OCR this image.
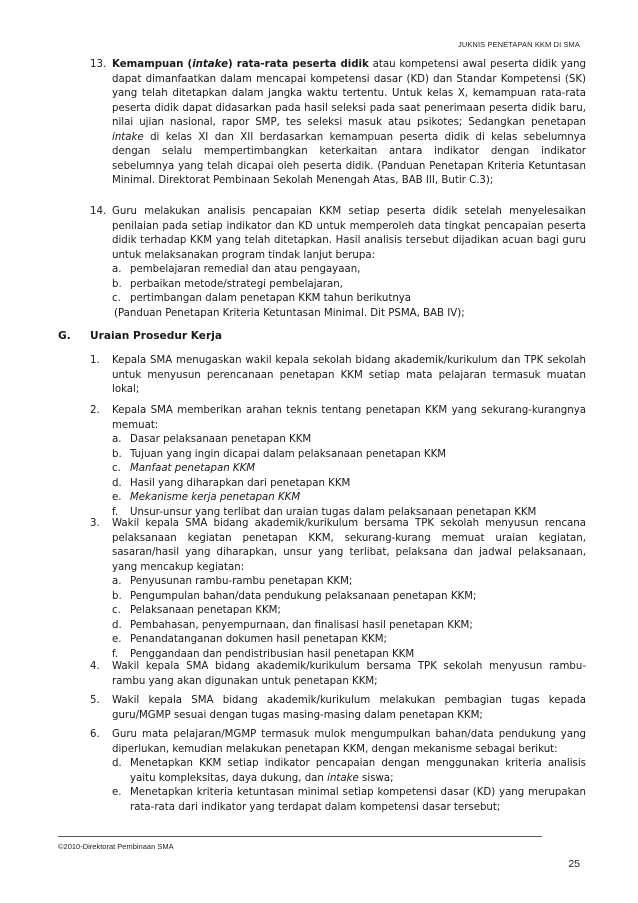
JUKNIS PENETAPAN KKM DI SMA
13. Kemampuan (intake) rata-rata peserta didik atau kompetensi awal peserta didik yang dapat dimanfaatkan dalam mencapai kompetensi dasar (KD) dan Standar Kompetensi (SK) yang telah ditetapkan dalam jangka waktu tertentu. Untuk kelas X, kemampuan rata-rata peserta didik dapat didasarkan pada hasil seleksi pada saat penerimaan peserta didik baru, nilai ujian nasional, rapor SMP, tes seleksi masuk atau psikotes; Sedangkan penetapan intake di kelas XI dan XII berdasarkan kemampuan peserta didik di kelas sebelumnya dengan selalu mempertimbangkan keterkaitan antara indikator dengan indikator sebelumnya yang telah dicapai oleh peserta didik. (Panduan Penetapan Kriteria Ketuntasan Minimal. Direktorat Pembinaan Sekolah Menengah Atas, BAB III, Butir C.3);
14. Guru melakukan analisis pencapaian KKM setiap peserta didik setelah menyelesaikan penilaian pada setiap indikator dan KD untuk memperoleh data tingkat pencapaian peserta didik terhadap KKM yang telah ditetapkan. Hasil analisis tersebut dijadikan acuan bagi guru untuk melaksanakan program tindak lanjut berupa:
a. pembelajaran remedial dan atau pengayaan,
b. perbaikan metode/strategi pembelajaran,
c. pertimbangan dalam penetapan KKM tahun berikutnya
(Panduan Penetapan Kriteria Ketuntasan Minimal. Dit PSMA, BAB IV);
G. Uraian Prosedur Kerja
1. Kepala SMA menugaskan wakil kepala sekolah bidang akademik/kurikulum dan TPK sekolah untuk menyusun perencanaan penetapan KKM setiap mata pelajaran termasuk muatan lokal;
2. Kepala SMA memberikan arahan teknis tentang penetapan KKM yang sekurang-kurangnya memuat:
a. Dasar pelaksanaan penetapan KKM
b. Tujuan yang ingin dicapai dalam pelaksanaan penetapan KKM
c. Manfaat penetapan KKM
d. Hasil yang diharapkan dari penetapan KKM
e. Mekanisme kerja penetapan KKM
f. Unsur-unsur yang terlibat dan uraian tugas dalam pelaksanaan penetapan KKM
3. Wakil kepala SMA bidang akademik/kurikulum bersama TPK sekolah menyusun rencana pelaksanaan kegiatan penetapan KKM, sekurang-kurang memuat uraian kegiatan, sasaran/hasil yang diharapkan, unsur yang terlibat, pelaksana dan jadwal pelaksanaan, yang mencakup kegiatan:
a. Penyusunan rambu-rambu penetapan KKM;
b. Pengumpulan bahan/data pendukung pelaksanaan penetapan KKM;
c. Pelaksanaan penetapan KKM;
d. Pembahasan, penyempurnaan, dan finalisasi hasil penetapan KKM;
e. Penandatanganan dokumen hasil penetapan KKM;
f. Penggandaan dan pendistribusian hasil penetapan KKM
4. Wakil kepala SMA bidang akademik/kurikulum bersama TPK sekolah menyusun rambu-rambu yang akan digunakan untuk penetapan KKM;
5. Wakil kepala SMA bidang akademik/kurikulum melakukan pembagian tugas kepada guru/MGMP sesuai dengan tugas masing-masing dalam penetapan KKM;
6. Guru mata pelajaran/MGMP termasuk mulok mengumpulkan bahan/data pendukung yang diperlukan, kemudian melakukan penetapan KKM, dengan mekanisme sebagai berikut:
d. Menetapkan KKM setiap indikator pencapaian dengan menggunakan kriteria analisis yaitu kompleksitas, daya dukung, dan intake siswa;
e. Menetapkan kriteria ketuntasan minimal setiap kompetensi dasar (KD) yang merupakan rata-rata dari indikator yang terdapat dalam kompetensi dasar tersebut;
©2010-Direktorat Pembinaan SMA
25
